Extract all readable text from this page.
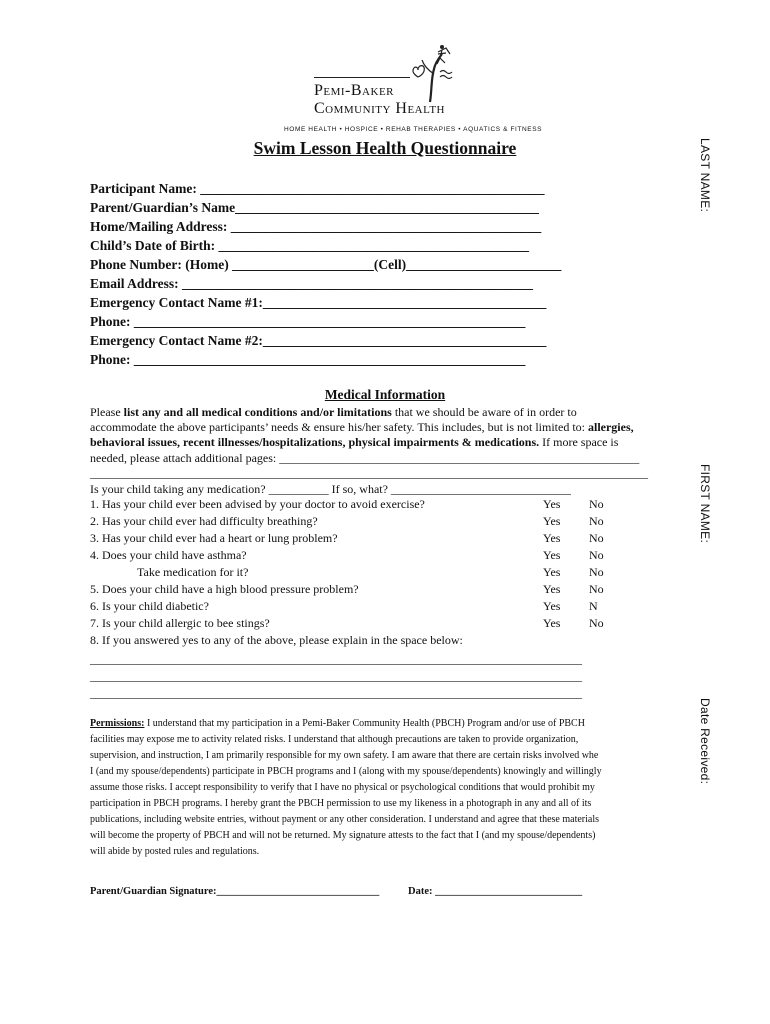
Pemi-Baker
Community Health
HOME HEALTH • HOSPICE • REHAB THERAPIES • AQUATICS & FITNESS
Swim Lesson Health Questionnaire	LAST NAME:
FIRST NAME:
Date Received:
Participant Name: ___________________________________________________
Parent/Guardian’s Name_____________________________________________
Home/Mailing Address: ______________________________________________
Child’s Date of Birth: ______________________________________________
Phone Number: (Home) _____________________(Cell)_______________________
Email Address: ____________________________________________________
Emergency Contact Name #1:__________________________________________
Phone: __________________________________________________________
Emergency Contact Name #2:__________________________________________
Phone: __________________________________________________________
Medical Information
Please list any and all medical conditions and/or limitations that we should be aware of in order to
accommodate the above participants’ needs & ensure his/her safety. This includes, but is not limited to: allergies,
behavioral issues, recent illnesses/hospitalizations, physical impairments & medications. If more space is
needed, please attach additional pages: ____________________________________________________________
_____________________________________________________________________________________________
Is your child taking any medication? __________ If so, what? ______________________________
1. Has your child ever been advised by your doctor to avoid exercise?	Yes No
2. Has your child ever had difficulty breathing?	Yes No
3. Has your child ever had a heart or lung problem?	Yes No
4. Does your child have asthma?	Yes No
Take medication for it?	Yes No
5. Does your child have a high blood pressure problem?	Yes No
6. Is your child diabetic?	Yes N
7. Is your child allergic to bee stings?	Yes No
8. If you answered yes to any of the above, please explain in the space below:
__________________________________________________________________________________
__________________________________________________________________________________
__________________________________________________________________________________
Permissions: I understand that my participation in a Pemi-Baker Community Health (PBCH) Program and/or use of PBCH
facilities may expose me to activity related risks. I understand that although precautions are taken to provide organization,
supervision, and instruction, I am primarily responsible for my own safety. I am aware that there are certain risks involved whe
I (and my spouse/dependents) participate in PBCH programs and I (along with my spouse/dependents) knowingly and willingly
assume those risks. I accept responsibility to verify that I have no physical or psychological conditions that would prohibit my
participation in PBCH programs. I hereby grant the PBCH permission to use my likeness in a photograph in any and all of its
publications, including website entries, without payment or any other consideration. I understand and agree that these materials
will become the property of PBCH and will not be returned. My signature attests to the fact that I (and my spouse/dependents)
will abide by posted rules and regulations.
Parent/Guardian Signature:_______________________________	Date: ____________________________
